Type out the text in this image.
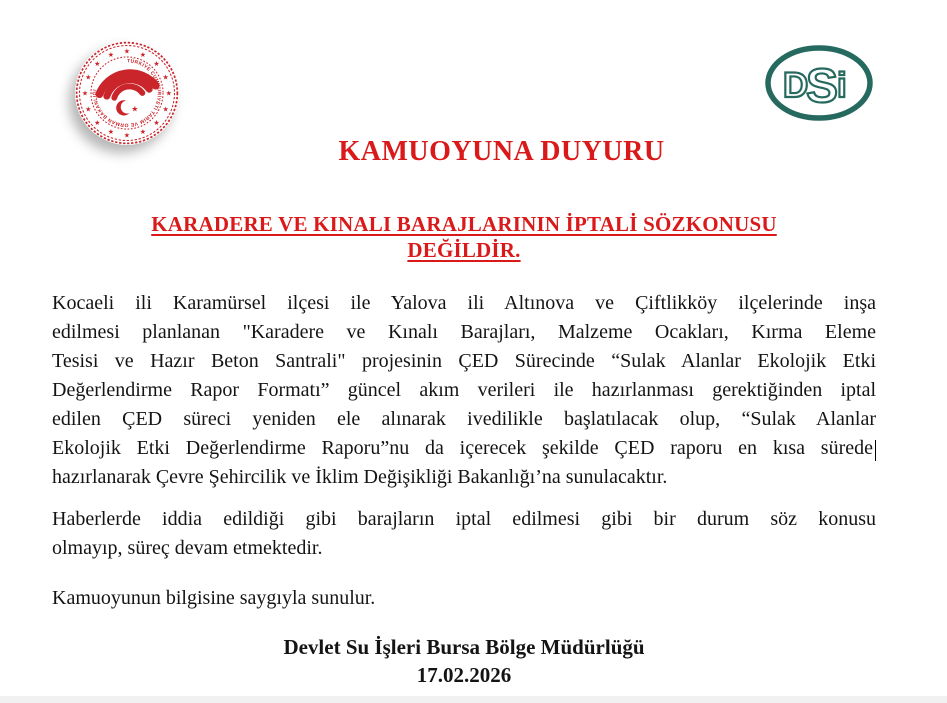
★ ★
★
★
★
★
★
★
★
★
★
★
★
★
★
★
TÜRKİYE CUMHURİYETİ TARIM VE ORMAN BAKANLIĞI
★
D
S
i
KAMUOYUNA DUYURU
KARADERE VE KINALI BARAJLARININ İPTALİ SÖZKONUSU
DEĞİLDİR.
Kocaeli ili Karamürsel ilçesi ile Yalova ili Altınova ve Çiftlikköy ilçelerinde inşa
edilmesi planlanan "Karadere ve Kınalı Barajları, Malzeme Ocakları, Kırma Eleme
Tesisi ve Hazır Beton Santrali" projesinin ÇED Sürecinde “Sulak Alanlar Ekolojik Etki
Değerlendirme Rapor Formatı” güncel akım verileri ile hazırlanması gerektiğinden iptal
edilen ÇED süreci yeniden ele alınarak ivedilikle başlatılacak olup, “Sulak Alanlar
Ekolojik Etki Değerlendirme Raporu”nu da içerecek şekilde ÇED raporu en kısa sürede
hazırlanarak Çevre Şehircilik ve İklim Değişikliği Bakanlığı’na sunulacaktır.
Haberlerde iddia edildiği gibi barajların iptal edilmesi gibi bir durum söz konusu
olmayıp, süreç devam etmektedir.
Kamuoyunun bilgisine saygıyla sunulur.
Devlet Su İşleri Bursa Bölge Müdürlüğü
17.02.2026
